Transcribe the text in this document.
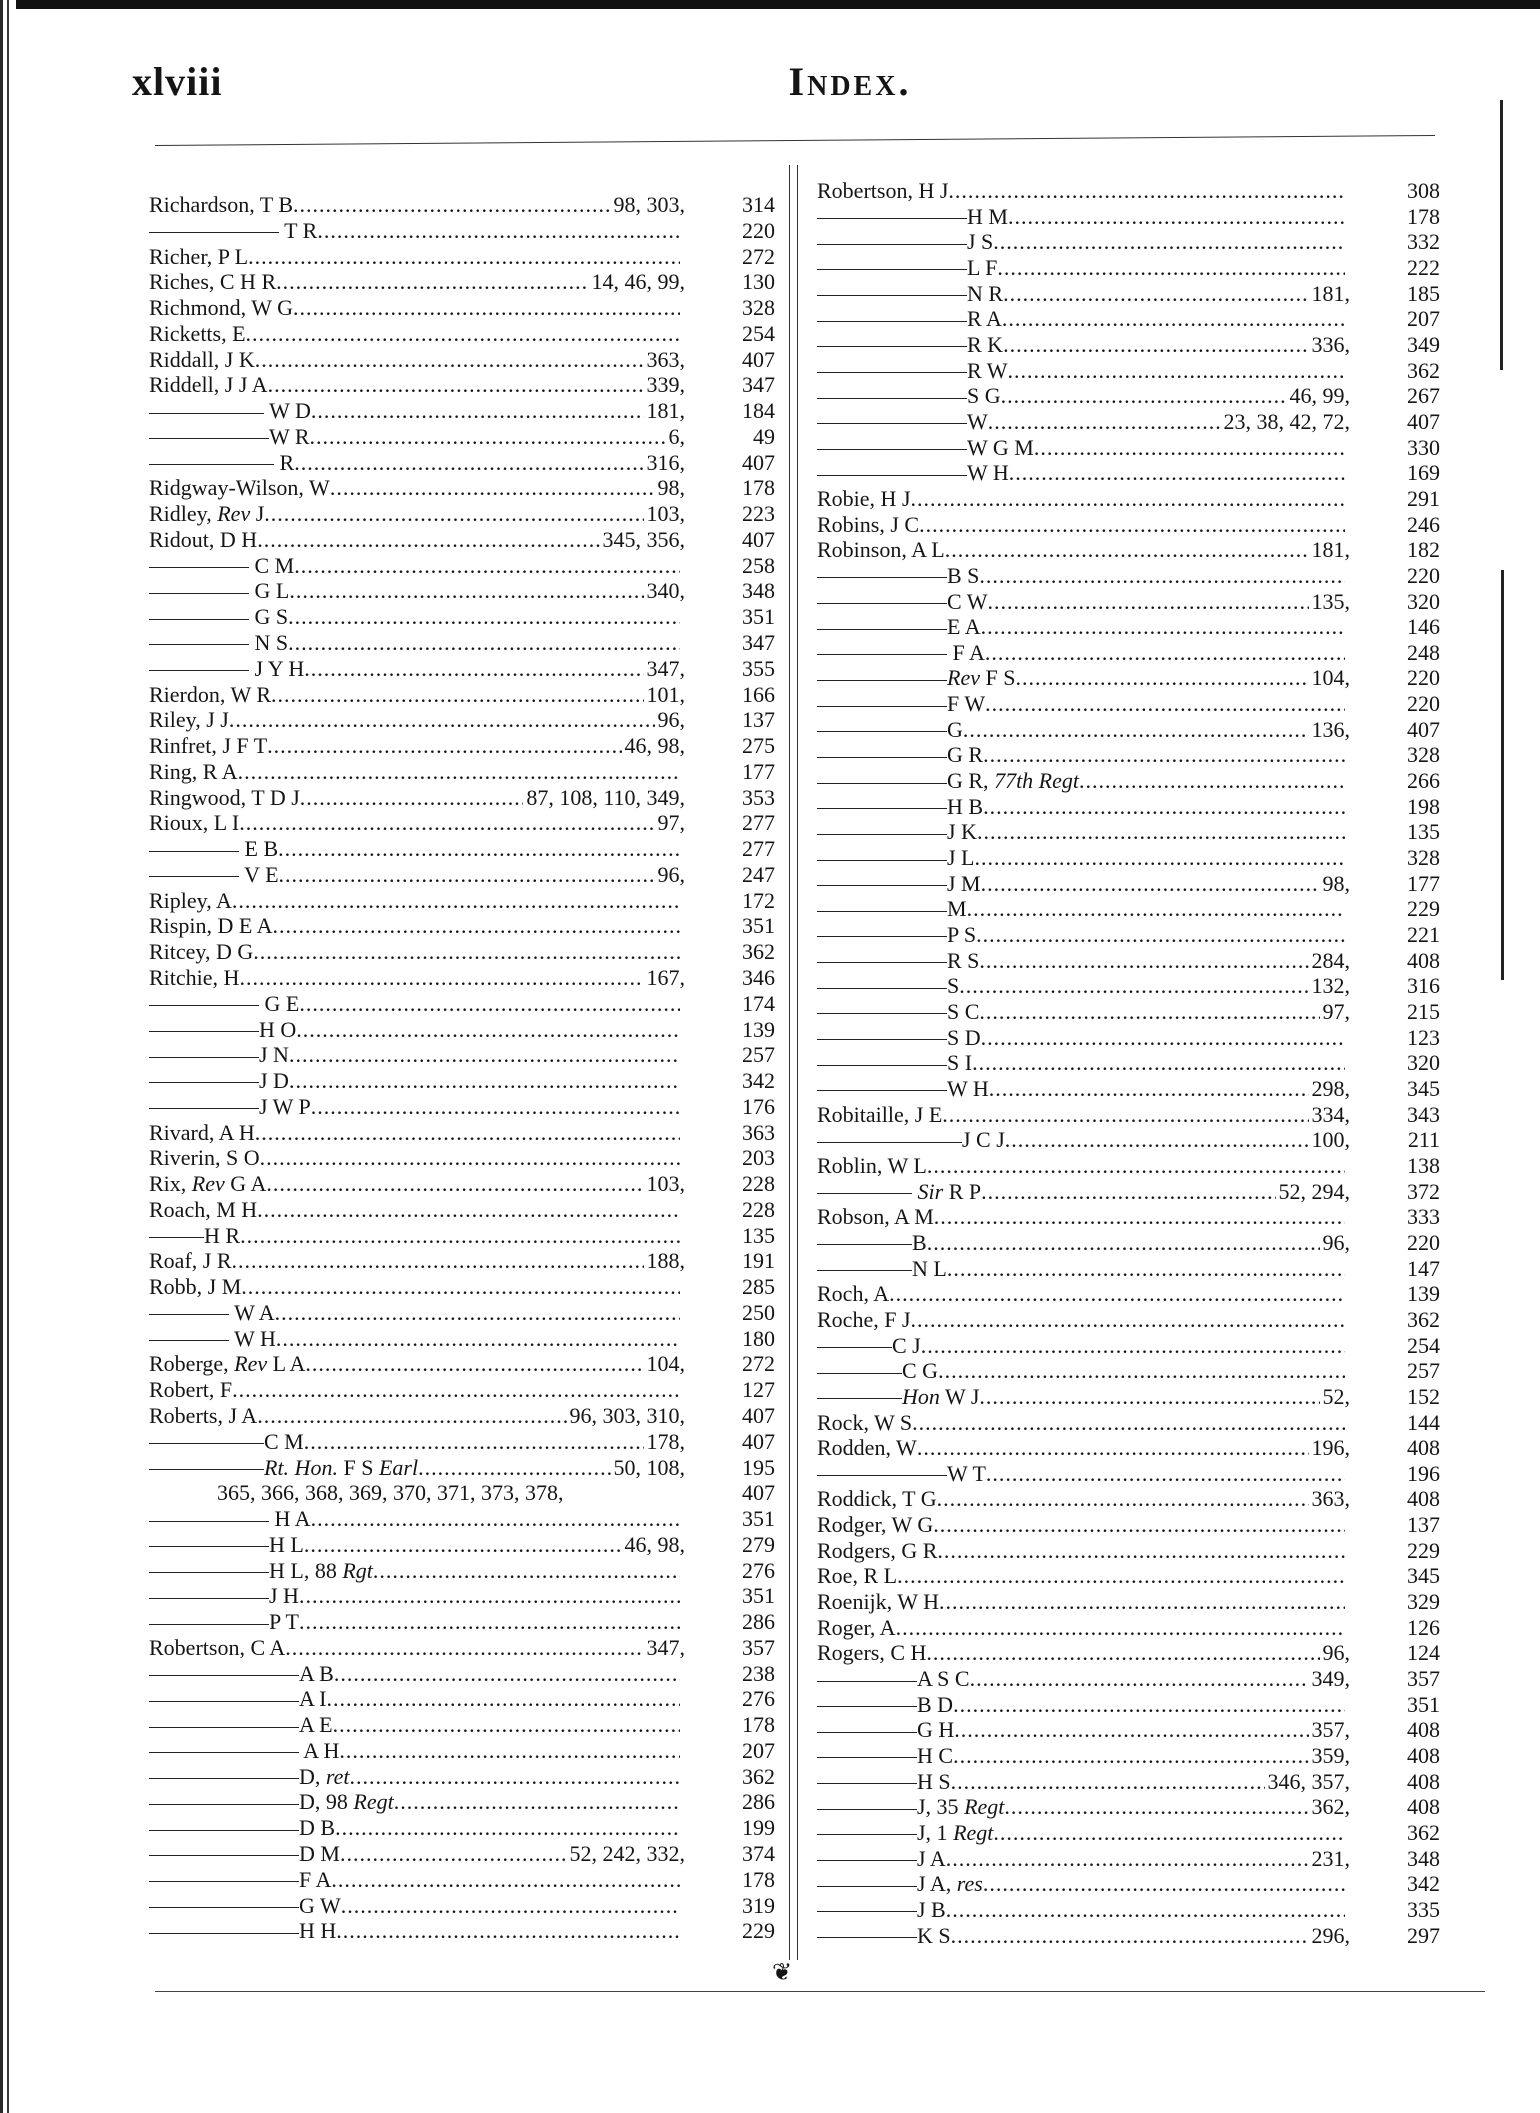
xlviii	Index.
Richardson, T B .....	98, 303,	314
T R .....	220
Richer, P L .....	272
Riches, C H R .....	14, 46, 99,	130
Richmond, W G .....	328
Ricketts, E .....	254
Riddall, J K .....	363,	407
Riddell, J J A .....	339,	347
W D .....	181,	184
W R .....	6,	49
R .....	316,	407
Ridgway-Wilson, W .....	98,	178
Ridley, Rev J .....	103,	223
Ridout, D H .....	345, 356,	407
C M .....	258
G L .....	340,	348
G S .....	351
N S .....	347
J Y H .....	347,	355
Rierdon, W R .....	101,	166
Riley, J J .....	96,	137
Rinfret, J F T .....	46, 98,	275
Ring, R A .....	177
Ringwood, T D J .....	87, 108, 110, 349,	353
Rioux, L I .....	97,	277
E B .....	277
V E .....	96,	247
Ripley, A .....	172
Rispin, D E A .....	351
Ritcey, D G .....	362
Ritchie, H .....	167,	346
G E .....	174
H O .....	139
J N .....	257
J D .....	342
J W P .....	176
Rivard, A H .....	363
Riverin, S O .....	203
Rix, Rev G A .....	103,	228
Roach, M H .....	228
H R .....	135
Roaf, J R .....	188,	191
Robb, J M .....	285
W A .....	250
W H .....	180
Roberge, Rev L A .....	104,	272
Robert, F .....	127
Roberts, J A .....	96, 303, 310,	407
C M .....	178,	407
Rt. Hon. F S Earl .....	50, 108,	195
365, 366, 368, 369, 370, 371, 373, 378,	407
H A .....	351
H L .....	46, 98,	279
H L, 88 Rgt .....	276
J H .....	351
P T .....	286
Robertson, C A .....	347,	357
A B .....	238
A I .....	276
A E .....	178
A H .....	207
D, ret .....	362
D, 98 Regt .....	286
D B .....	199
D M .....	52, 242, 332,	374
F A .....	178
G W .....	319
H H .....	229
Robertson, H J .....	308
H M .....	178
J S .....	332
L F .....	222
N R .....	181,	185
R A .....	207
R K .....	336,	349
R W .....	362
S G .....	46, 99,	267
W .....	23, 38, 42, 72,	407
W G M .....	330
W H .....	169
Robie, H J .....	291
Robins, J C .....	246
Robinson, A L .....	181,	182
B S .....	220
C W .....	135,	320
E A .....	146
F A .....	248
Rev F S .....	104,	220
F W .....	220
G .....	136,	407
G R .....	328
G R, 77th Regt .....	266
H B .....	198
J K .....	135
J L .....	328
J M .....	98,	177
M .....	229
P S .....	221
R S .....	284,	408
S .....	132,	316
S C .....	97,	215
S D .....	123
S I .....	320
W H .....	298,	345
Robitaille, J E .....	334,	343
J C J .....	100,	211
Roblin, W L .....	138
Sir R P .....	52, 294,	372
Robson, A M .....	333
B .....	96,	220
N L .....	147
Roch, A .....	139
Roche, F J .....	362
C J .....	254
C G .....	257
Hon W J .....	52,	152
Rock, W S .....	144
Rodden, W .....	196,	408
W T .....	196
Roddick, T G .....	363,	408
Rodger, W G .....	137
Rodgers, G R .....	229
Roe, R L .....	345
Roenijk, W H .....	329
Roger, A .....	126
Rogers, C H .....	96,	124
A S C .....	349,	357
B D .....	351
G H .....	357,	408
H C .....	359,	408
H S .....	346, 357,	408
J, 35 Regt .....	362,	408
J, 1 Regt .....	362
J A .....	231,	348
J A, res .....	342
J B .....	335
K S .....	296,	297
❦
